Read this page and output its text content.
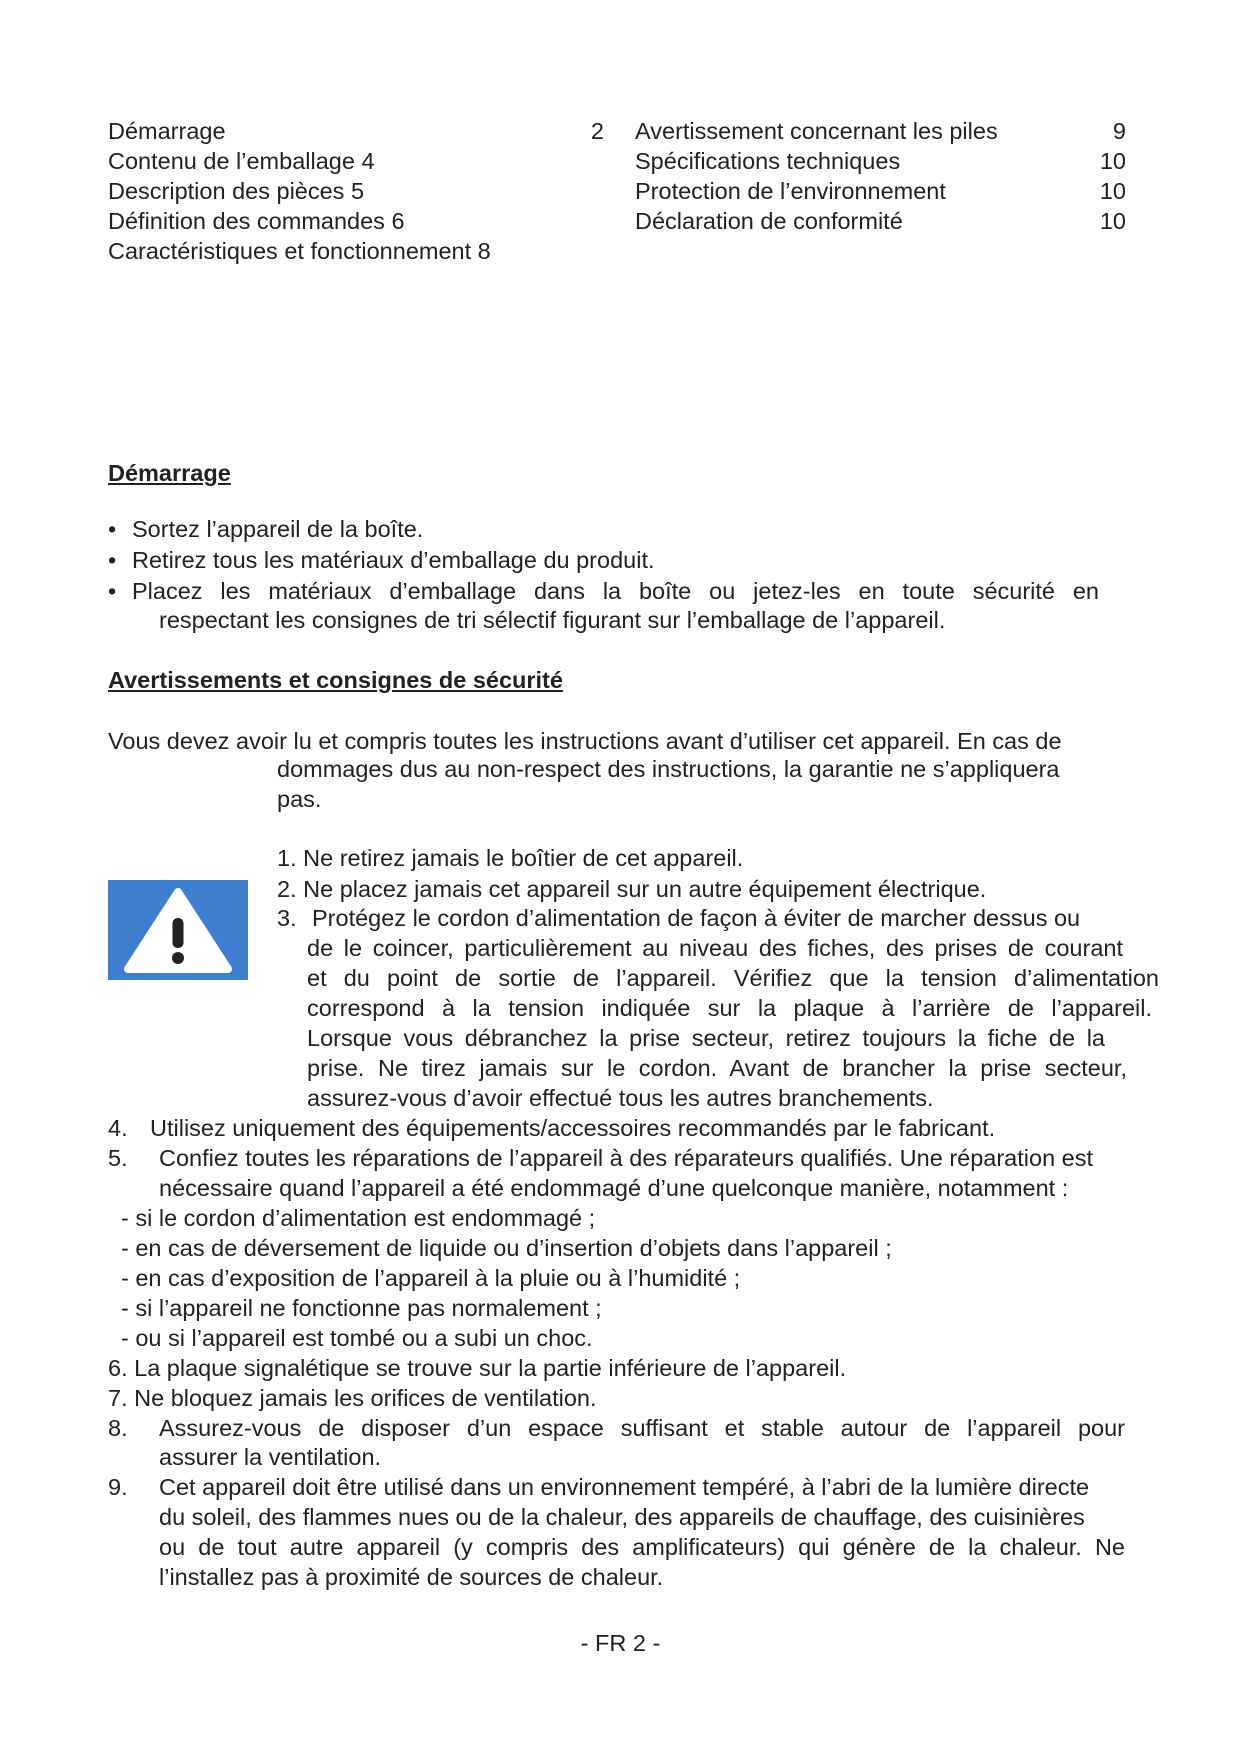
Démarrage	2
Contenu de l’emballage 4
Description des pièces 5
Définition des commandes 6
Caractéristiques et fonctionnement 8
Avertissement concernant les piles	9
Spécifications techniques	10
Protection de l’environnement	10
Déclaration de conformité	10
Démarrage
• Sortez l’appareil de la boîte.
• Retirez tous les matériaux d’emballage du produit.
• Placez les matériaux d’emballage dans la boîte ou jetez-les en toute sécurité en
respectant les consignes de tri sélectif figurant sur l’emballage de l’appareil.
Avertissements et consignes de sécurité
Vous devez avoir lu et compris toutes les instructions avant d’utiliser cet appareil. En cas de
dommages dus au non-respect des instructions, la garantie ne s’appliquera
pas.
1. Ne retirez jamais le boîtier de cet appareil.
2. Ne placez jamais cet appareil sur un autre équipement électrique.
3. Protégez le cordon d’alimentation de façon à éviter de marcher dessus ou
de le coincer, particulièrement au niveau des fiches, des prises de courant
et du point de sortie de l’appareil. Vérifiez que la tension d’alimentation
correspond à la tension indiquée sur la plaque à l’arrière de l’appareil.
Lorsque vous débranchez la prise secteur, retirez toujours la fiche de la
prise. Ne tirez jamais sur le cordon. Avant de brancher la prise secteur,
assurez-vous d’avoir effectué tous les autres branchements.
4. Utilisez uniquement des équipements/accessoires recommandés par le fabricant.
5. Confiez toutes les réparations de l’appareil à des réparateurs qualifiés. Une réparation est
nécessaire quand l’appareil a été endommagé d’une quelconque manière, notamment :
- si le cordon d’alimentation est endommagé ;
- en cas de déversement de liquide ou d’insertion d’objets dans l’appareil ;
- en cas d’exposition de l’appareil à la pluie ou à l’humidité ;
- si l’appareil ne fonctionne pas normalement ;
- ou si l’appareil est tombé ou a subi un choc.
6. La plaque signalétique se trouve sur la partie inférieure de l’appareil.
7. Ne bloquez jamais les orifices de ventilation.
8. Assurez-vous de disposer d’un espace suffisant et stable autour de l’appareil pour
assurer la ventilation.
9. Cet appareil doit être utilisé dans un environnement tempéré, à l’abri de la lumière directe
du soleil, des flammes nues ou de la chaleur, des appareils de chauffage, des cuisinières
ou de tout autre appareil (y compris des amplificateurs) qui génère de la chaleur. Ne
l’installez pas à proximité de sources de chaleur.
- FR 2 -
